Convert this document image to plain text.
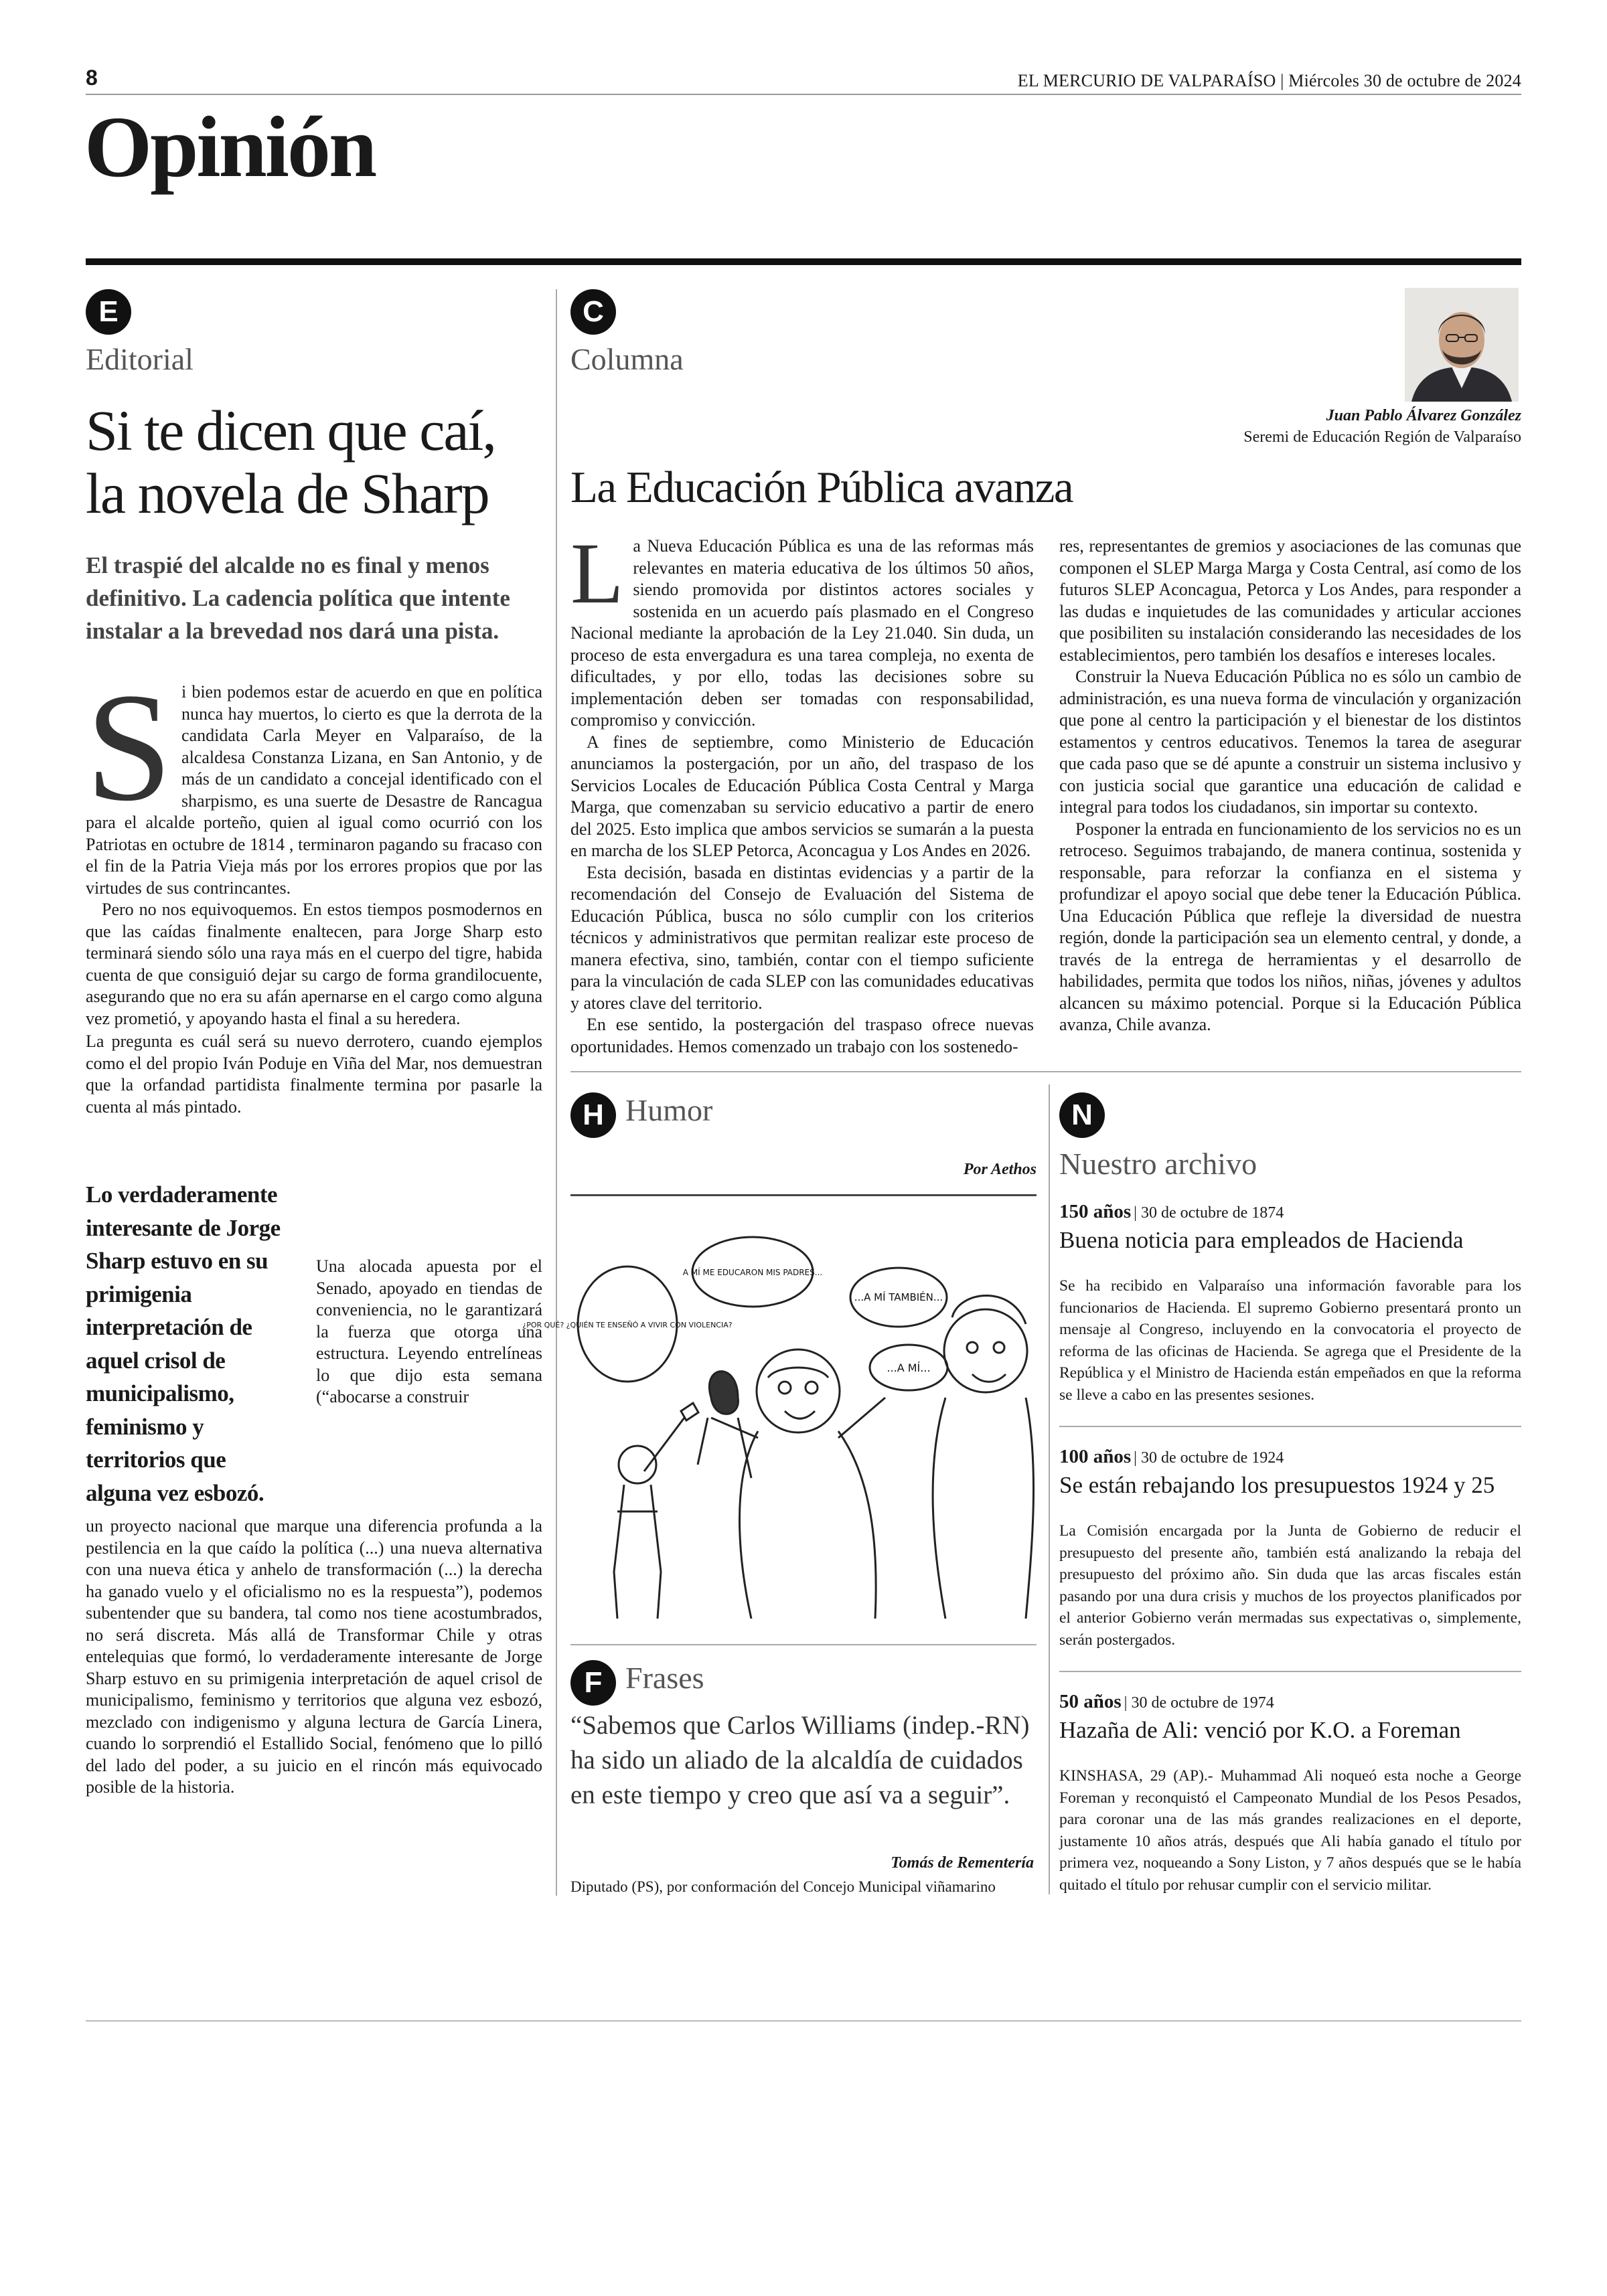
8	EL MERCURIO DE VALPARAÍSO | Miércoles 30 de octubre de 2024
Opinión
E
Editorial
Si te dicen que caí,
la novela de Sharp
El traspié del alcalde no es final y menos definitivo. La cadencia política que intente instalar a la brevedad nos dará una pista.

Si bien podemos estar de acuerdo en que en política nunca hay muertos, lo cierto es que la derrota de la candidata Carla Meyer en Valparaíso, de la alcaldesa Constanza Lizana, en San Antonio, y de más de un candidato a concejal identificado con el sharpismo, es una suerte de Desastre de Rancagua para el alcalde porteño, quien al igual como ocurrió con los Patriotas en octubre de 1814 , terminaron pagando su fracaso con el fin de la Patria Vieja más por los errores propios que por las virtudes de sus contrincantes.

Pero no nos equivoquemos. En estos tiempos posmodernos en que las caídas finalmente enaltecen, para Jorge Sharp esto terminará siendo sólo una raya más en el cuerpo del tigre, habida cuenta de que consiguió dejar su cargo de forma grandilocuente, asegurando que no era su afán apernarse en el cargo como alguna vez prometió, y apoyando hasta el final a su heredera.

La pregunta es cuál será su nuevo derrotero, cuando ejemplos como el del propio Iván Poduje en Viña del Mar, nos demuestran que la orfandad partidista finalmente termina por pasarle la cuenta al más pintado.

Una alocada apuesta por el Senado, apoyado en tiendas de conveniencia, no le garantizará la fuerza que otorga una estructura. Leyendo entrelíneas lo que dijo esta semana (“abocarse a construir

Lo verdaderamente interesante de Jorge Sharp estuvo en su primigenia interpretación de aquel crisol de municipalismo, feminismo y territorios que alguna vez esbozó.

un proyecto nacional que marque una diferencia profunda a la pestilencia en la que caído la política (...) una nueva alternativa con una nueva ética y anhelo de transformación (...) la derecha ha ganado vuelo y el oficialismo no es la respuesta”), podemos subentender que su bandera, tal como nos tiene acostumbrados, no será discreta. Más allá de Transformar Chile y otras entelequias que formó, lo verdaderamente interesante de Jorge Sharp estuvo en su primigenia interpretación de aquel crisol de municipalismo, feminismo y territorios que alguna vez esbozó, mezclado con indigenismo y alguna lectura de García Linera, cuando lo sorprendió el Estallido Social, fenómeno que lo pilló del lado del poder, a su juicio en el rincón más equivocado posible de la historia.

C
Columna
Juan Pablo Álvarez González
Seremi de Educación Región de Valparaíso
La Educación Pública avanza

La Nueva Educación Pública es una de las reformas más relevantes en materia educativa de los últimos 50 años, siendo promovida por distintos actores sociales y sostenida en un acuerdo país plasmado en el Congreso Nacional mediante la aprobación de la Ley 21.040. Sin duda, un proceso de esta envergadura es una tarea compleja, no exenta de dificultades, y por ello, todas las decisiones sobre su implementación deben ser tomadas con responsabilidad, compromiso y convicción.

A fines de septiembre, como Ministerio de Educación anunciamos la postergación, por un año, del traspaso de los Servicios Locales de Educación Pública Costa Central y Marga Marga, que comenzaban su servicio educativo a partir de enero del 2025. Esto implica que ambos servicios se sumarán a la puesta en marcha de los SLEP Petorca, Aconcagua y Los Andes en 2026.

Esta decisión, basada en distintas evidencias y a partir de la recomendación del Consejo de Evaluación del Sistema de Educación Pública, busca no sólo cumplir con los criterios técnicos y administrativos que permitan realizar este proceso de manera efectiva, sino, también, contar con el tiempo suficiente para la vinculación de cada SLEP con las comunidades educativas y atores clave del territorio.

En ese sentido, la postergación del traspaso ofrece nuevas oportunidades. Hemos comenzado un trabajo con los sostenedo-

res, representantes de gremios y asociaciones de las comunas que componen el SLEP Marga Marga y Costa Central, así como de los futuros SLEP Aconcagua, Petorca y Los Andes, para responder a las dudas e inquietudes de las comunidades y articular acciones que posibiliten su instalación considerando las necesidades de los establecimientos, pero también los desafíos e intereses locales.

Construir la Nueva Educación Pública no es sólo un cambio de administración, es una nueva forma de vinculación y organización que pone al centro la participación y el bienestar de los distintos estamentos y centros educativos. Tenemos la tarea de asegurar que cada paso que se dé apunte a construir un sistema inclusivo y con justicia social que garantice una educación de calidad e integral para todos los ciudadanos, sin importar su contexto.

Posponer la entrada en funcionamiento de los servicios no es un retroceso. Seguimos trabajando, de manera continua, sostenida y responsable, para reforzar la confianza en el sistema y profundizar el apoyo social que debe tener la Educación Pública. Una Educación Pública que refleje la diversidad de nuestra región, donde la participación sea un elemento central, y donde, a través de la entrega de herramientas y el desarrollo de habilidades, permita que todos los niños, niñas, jóvenes y adultos alcancen su máximo potencial. Porque si la Educación Pública avanza, Chile avanza.

H Humor
Por Aethos
¿POR QUÉ? ¿QUIÉN TE ENSEÑÓ A VIVIR CON VIOLENCIA?
A MÍ ME EDUCARON MIS PADRES...
...A MÍ TAMBIÉN...
...A MÍ...
F Frases
“Sabemos que Carlos Williams (indep.-RN) ha sido un aliado de la alcaldía de cuidados en este tiempo y creo que así va a seguir”.
Tomás de Rementería
Diputado (PS), por conformación del Concejo Municipal viñamarino
N
Nuestro archivo
150 años | 30 de octubre de 1874
Buena noticia para empleados de Hacienda
Se ha recibido en Valparaíso una información favorable para los funcionarios de Hacienda. El supremo Gobierno presentará pronto un mensaje al Congreso, incluyendo en la convocatoria el proyecto de reforma de las oficinas de Hacienda. Se agrega que el Presidente de la República y el Ministro de Hacienda están empeñados en que la reforma se lleve a cabo en las presentes sesiones.
100 años | 30 de octubre de 1924
Se están rebajando los presupuestos 1924 y 25
La Comisión encargada por la Junta de Gobierno de reducir el presupuesto del presente año, también está analizando la rebaja del presupuesto del próximo año. Sin duda que las arcas fiscales están pasando por una dura crisis y muchos de los proyectos planificados por el anterior Gobierno verán mermadas sus expectativas o, simplemente, serán postergados.
50 años | 30 de octubre de 1974
Hazaña de Ali: venció por K.O. a Foreman
KINSHASA, 29 (AP).- Muhammad Ali noqueó esta noche a George Foreman y reconquistó el Campeonato Mundial de los Pesos Pesados, para coronar una de las más grandes realizaciones en el deporte, justamente 10 años atrás, después que Ali había ganado el título por primera vez, noqueando a Sony Liston, y 7 años después que se le había quitado el título por rehusar cumplir con el servicio militar.
